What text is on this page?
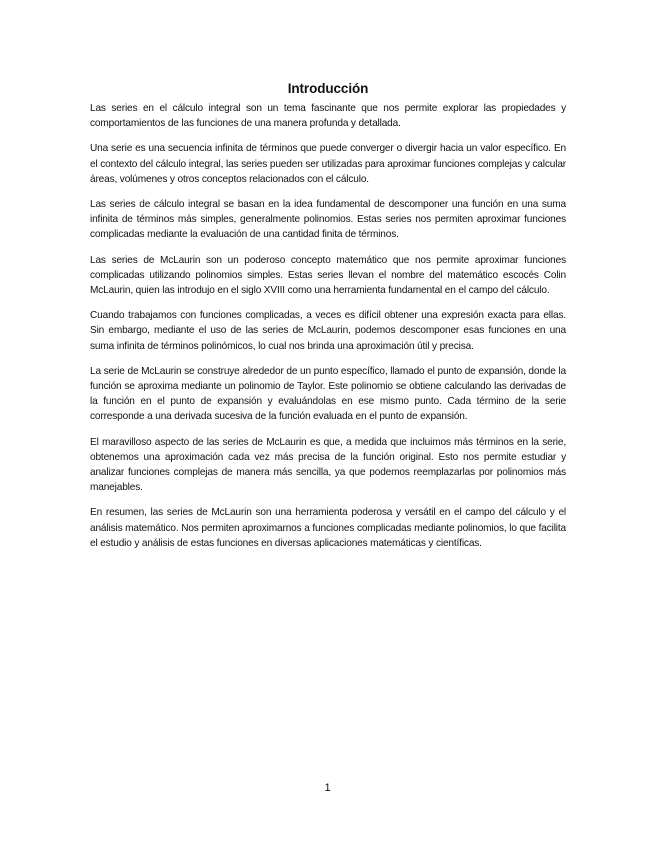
Introducción

Las series en el cálculo integral son un tema fascinante que nos permite explorar las propiedades y comportamientos de las funciones de una manera profunda y detallada.

Una serie es una secuencia infinita de términos que puede converger o divergir hacia un valor específico. En el contexto del cálculo integral, las series pueden ser utilizadas para aproximar funciones complejas y calcular áreas, volúmenes y otros conceptos relacionados con el cálculo.

Las series de cálculo integral se basan en la idea fundamental de descomponer una función en una suma infinita de términos más simples, generalmente polinomios. Estas series nos permiten aproximar funciones complicadas mediante la evaluación de una cantidad finita de términos.

Las series de McLaurin son un poderoso concepto matemático que nos permite aproximar funciones complicadas utilizando polinomios simples. Estas series llevan el nombre del matemático escocés Colin McLaurin, quien las introdujo en el siglo XVIII como una herramienta fundamental en el campo del cálculo.

Cuando trabajamos con funciones complicadas, a veces es difícil obtener una expresión exacta para ellas. Sin embargo, mediante el uso de las series de McLaurin, podemos descomponer esas funciones en una suma infinita de términos polinómicos, lo cual nos brinda una aproximación útil y precisa.

La serie de McLaurin se construye alrededor de un punto específico, llamado el punto de expansión, donde la función se aproxima mediante un polinomio de Taylor. Este polinomio se obtiene calculando las derivadas de la función en el punto de expansión y evaluándolas en ese mismo punto. Cada término de la serie corresponde a una derivada sucesiva de la función evaluada en el punto de expansión.

El maravilloso aspecto de las series de McLaurin es que, a medida que incluimos más términos en la serie, obtenemos una aproximación cada vez más precisa de la función original. Esto nos permite estudiar y analizar funciones complejas de manera más sencilla, ya que podemos reemplazarlas por polinomios más manejables.

En resumen, las series de McLaurin son una herramienta poderosa y versátil en el campo del cálculo y el análisis matemático. Nos permiten aproximarnos a funciones complicadas mediante polinomios, lo que facilita el estudio y análisis de estas funciones en diversas aplicaciones matemáticas y científicas.

1
